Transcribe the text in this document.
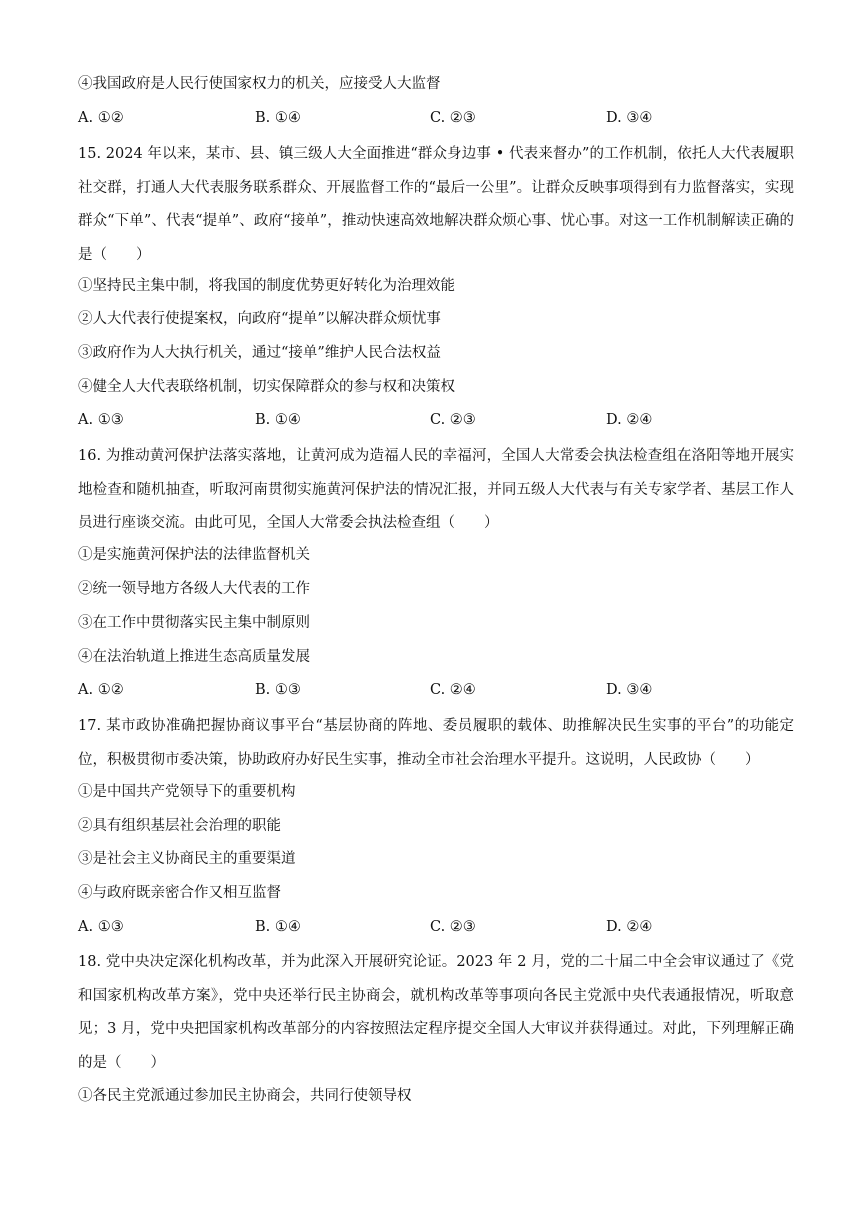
④我国政府是人民行使国家权力的机关，应接受人大监督
A. ①②	B. ①④	C. ②③	D. ③④
15. 2024 年以来，某市、县、镇三级人大全面推进“群众身边事 • 代表来督办”的工作机制，依托人大代表履职社交群，打通人大代表服务联系群众、开展监督工作的“最后一公里”。让群众反映事项得到有力监督落实，实现群众“下单”、代表“提单”、政府“接单”，推动快速高效地解决群众烦心事、忧心事。对这一工作机制解读正确的是（　　）
①坚持民主集中制，将我国的制度优势更好转化为治理效能
②人大代表行使提案权，向政府“提单”以解决群众烦忧事
③政府作为人大执行机关，通过“接单”维护人民合法权益
④健全人大代表联络机制，切实保障群众的参与权和决策权
A. ①③	B. ①④	C. ②③	D. ②④
16. 为推动黄河保护法落实落地，让黄河成为造福人民的幸福河，全国人大常委会执法检查组在洛阳等地开展实地检查和随机抽查，听取河南贯彻实施黄河保护法的情况汇报，并同五级人大代表与有关专家学者、基层工作人员进行座谈交流。由此可见，全国人大常委会执法检查组（　　）
①是实施黄河保护法的法律监督机关
②统一领导地方各级人大代表的工作
③在工作中贯彻落实民主集中制原则
④在法治轨道上推进生态高质量发展
A. ①②	B. ①③	C. ②④	D. ③④
17. 某市政协准确把握协商议事平台“基层协商的阵地、委员履职的载体、助推解决民生实事的平台”的功能定位，积极贯彻市委决策，协助政府办好民生实事，推动全市社会治理水平提升。这说明，人民政协（　　）
①是中国共产党领导下的重要机构
②具有组织基层社会治理的职能
③是社会主义协商民主的重要渠道
④与政府既亲密合作又相互监督
A. ①③	B. ①④	C. ②③	D. ②④
18. 党中央决定深化机构改革，并为此深入开展研究论证。2023 年 2 月，党的二十届二中全会审议通过了《党和国家机构改革方案》，党中央还举行民主协商会，就机构改革等事项向各民主党派中央代表通报情况，听取意见；3 月，党中央把国家机构改革部分的内容按照法定程序提交全国人大审议并获得通过。对此，下列理解正确的是（　　）
①各民主党派通过参加民主协商会，共同行使领导权
